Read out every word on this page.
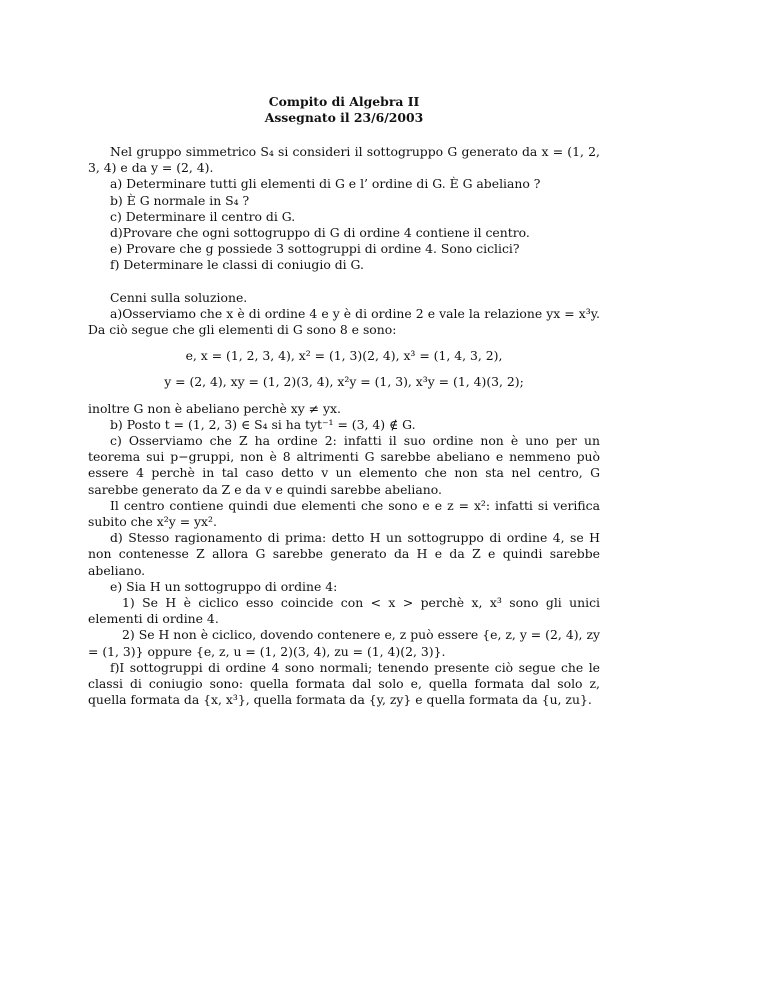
Compito di Algebra II
Assegnato il 23/6/2003

Nel gruppo simmetrico S₄ si consideri il sottogruppo G generato da x = (1, 2, 3, 4) e da y = (2, 4).

a) Determinare tutti gli elementi di G e l’ ordine di G. È G abeliano ?

b) È G normale in S₄ ?

c) Determinare il centro di G.

d)Provare che ogni sottogruppo di G di ordine 4 contiene il centro.

e) Provare che g possiede 3 sottogruppi di ordine 4. Sono ciclici?

f) Determinare le classi di coniugio di G.

Cenni sulla soluzione.

a)Osserviamo che x è di ordine 4 e y è di ordine 2 e vale la relazione yx = x³y. Da ciò segue che gli elementi di G sono 8 e sono:

e, x = (1, 2, 3, 4), x² = (1, 3)(2, 4), x³ = (1, 4, 3, 2),
y = (2, 4), xy = (1, 2)(3, 4), x²y = (1, 3), x³y = (1, 4)(3, 2);

inoltre G non è abeliano perchè xy ≠ yx.

b) Posto t = (1, 2, 3) ∈ S₄ si ha tyt⁻¹ = (3, 4) ∉ G.

c) Osserviamo che Z ha ordine 2: infatti il suo ordine non è uno per un teorema sui p−gruppi, non è 8 altrimenti G sarebbe abeliano e nemmeno può essere 4 perchè in tal caso detto v un elemento che non sta nel centro, G sarebbe generato da Z e da v e quindi sarebbe abeliano.

Il centro contiene quindi due elementi che sono e e z = x²: infatti si verifica subito che x²y = yx².

d) Stesso ragionamento di prima: detto H un sottogruppo di ordine 4, se H non contenesse Z allora G sarebbe generato da H e da Z e quindi sarebbe abeliano.

e) Sia H un sottogruppo di ordine 4:

1) Se H è ciclico esso coincide con < x > perchè x, x³ sono gli unici elementi di ordine 4.

2) Se H non è ciclico, dovendo contenere e, z può essere {e, z, y = (2, 4), zy = (1, 3)} oppure {e, z, u = (1, 2)(3, 4), zu = (1, 4)(2, 3)}.

f)I sottogruppi di ordine 4 sono normali; tenendo presente ciò segue che le classi di coniugio sono: quella formata dal solo e, quella formata dal solo z, quella formata da {x, x³}, quella formata da {y, zy} e quella formata da {u, zu}.
